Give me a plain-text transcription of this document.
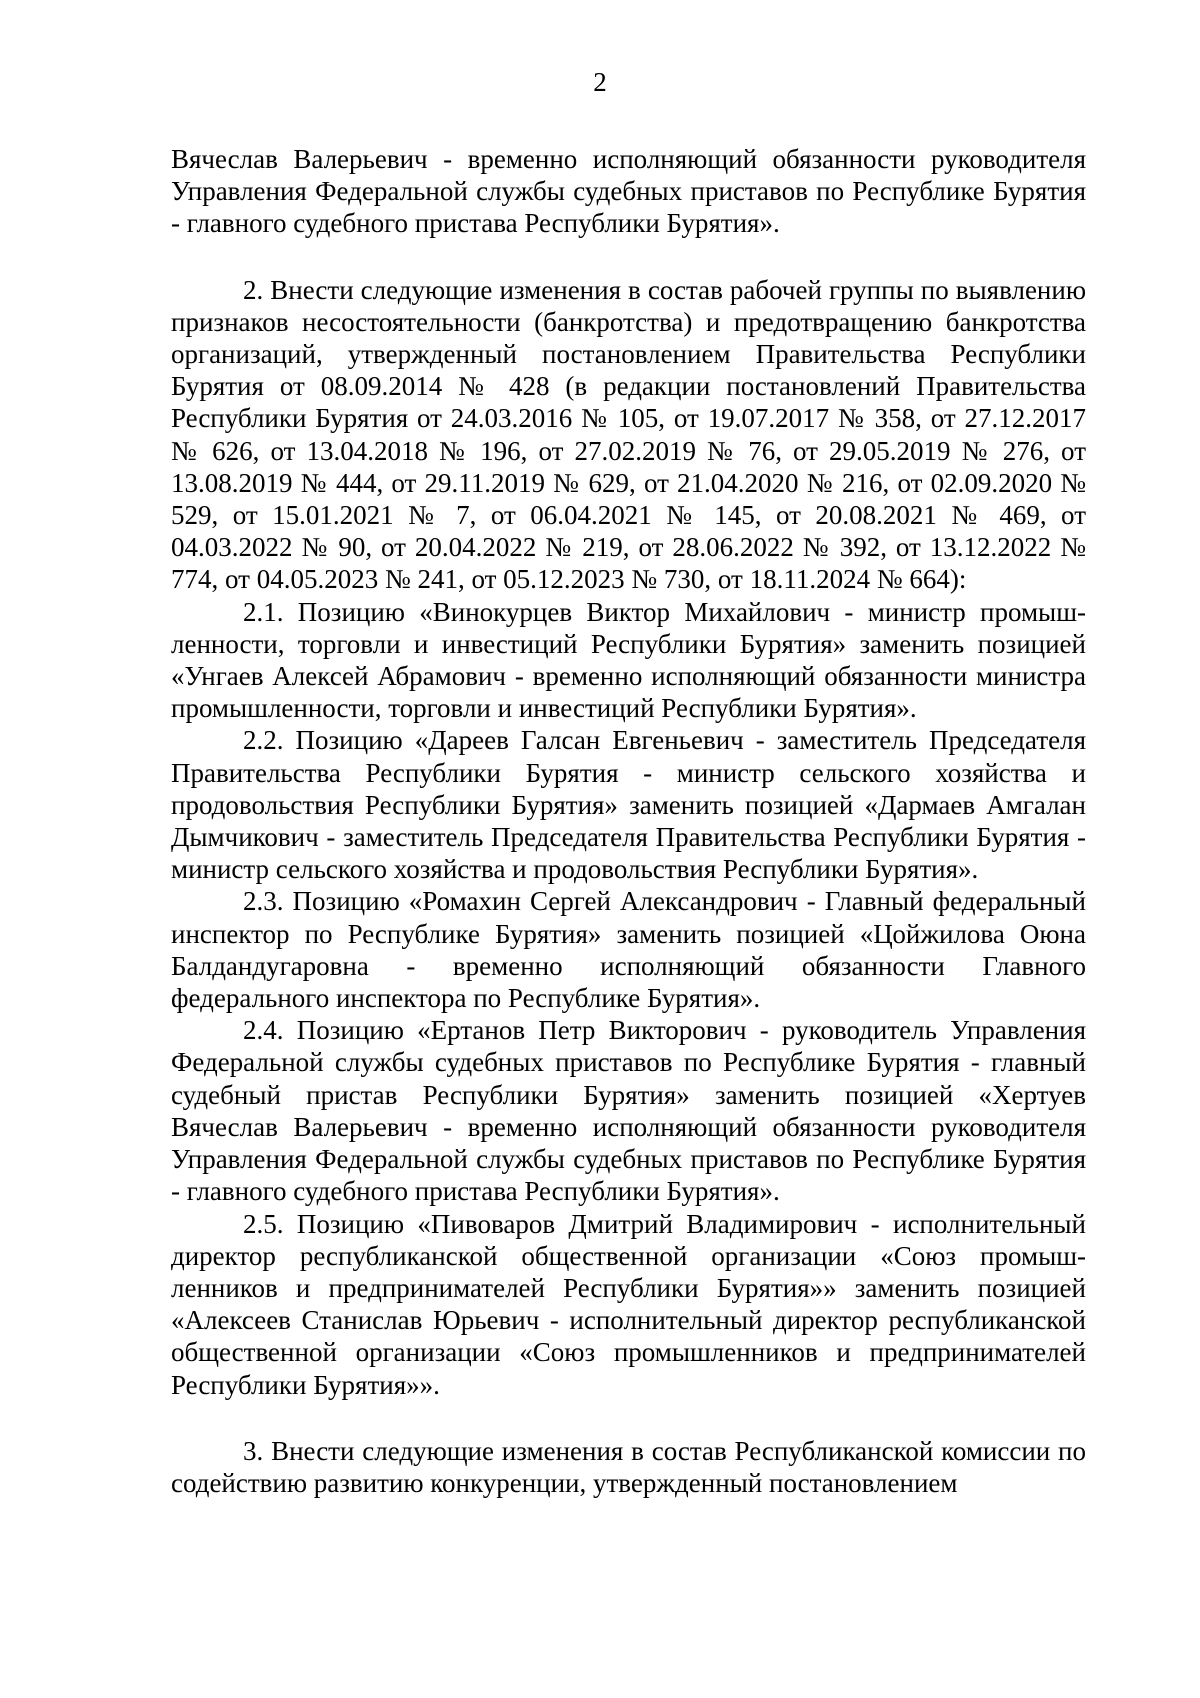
2

Вячеслав Валерьевич - временно исполняющий обязанности руководителя Управления Федеральной службы судебных приставов по Республике Бурятия - главного судебного пристава Республики Бурятия».

2. Внести следующие изменения в состав рабочей группы по выявлению признаков несостоятельности (банкротства) и предотвращению банкротства организаций, утвержденный постановлением Правительства Республики Бурятия от 08.09.2014 № 428 (в редакции постановлений Правительства Республики Бурятия от 24.03.2016 № 105, от 19.07.2017 № 358, от 27.12.2017 № 626, от 13.04.2018 № 196, от 27.02.2019 № 76, от 29.05.2019 № 276, от 13.08.2019 № 444, от 29.11.2019 № 629, от 21.04.2020 № 216, от 02.09.2020 № 529, от 15.01.2021 № 7, от 06.04.2021 № 145, от 20.08.2021 № 469, от 04.03.2022 № 90, от 20.04.2022 № 219, от 28.06.2022 № 392, от 13.12.2022 № 774, от 04.05.2023 № 241, от 05.12.2023 № 730, от 18.11.2024 № 664):

2.1. Позицию «Винокурцев Виктор Михайлович - министр промышленности, торговли и инвестиций Республики Бурятия» заменить позицией «Унгаев Алексей Абрамович - временно исполняющий обязанности министра промышленности, торговли и инвестиций Республики Бурятия».

2.2. Позицию «Дареев Галсан Евгеньевич - заместитель Председателя Правительства Республики Бурятия - министр сельского хозяйства и продовольствия Республики Бурятия» заменить позицией «Дармаев Амгалан Дымчикович - заместитель Председателя Правительства Республики Бурятия - министр сельского хозяйства и продовольствия Республики Бурятия».

2.3. Позицию «Ромахин Сергей Александрович - Главный федеральный инспектор по Республике Бурятия» заменить позицией «Цойжилова Оюна Балдандугаровна - временно исполняющий обязанности Главного федерального инспектора по Республике Бурятия».

2.4. Позицию «Ертанов Петр Викторович - руководитель Управления Федеральной службы судебных приставов по Республике Бурятия - главный судебный пристав Республики Бурятия» заменить позицией «Хертуев Вячеслав Валерьевич - временно исполняющий обязанности руководителя Управления Федеральной службы судебных приставов по Республике Бурятия - главного судебного пристава Республики Бурятия».

2.5. Позицию «Пивоваров Дмитрий Владимирович - исполнительный директор республиканской общественной организации «Союз промышленников и предпринимателей Республики Бурятия»» заменить позицией «Алексеев Станислав Юрьевич - исполнительный директор республиканской общественной организации «Союз промышленников и предпринимателей Республики Бурятия»».

3. Внести следующие изменения в состав Республиканской комиссии по содействию развитию конкуренции, утвержденный постановлением
